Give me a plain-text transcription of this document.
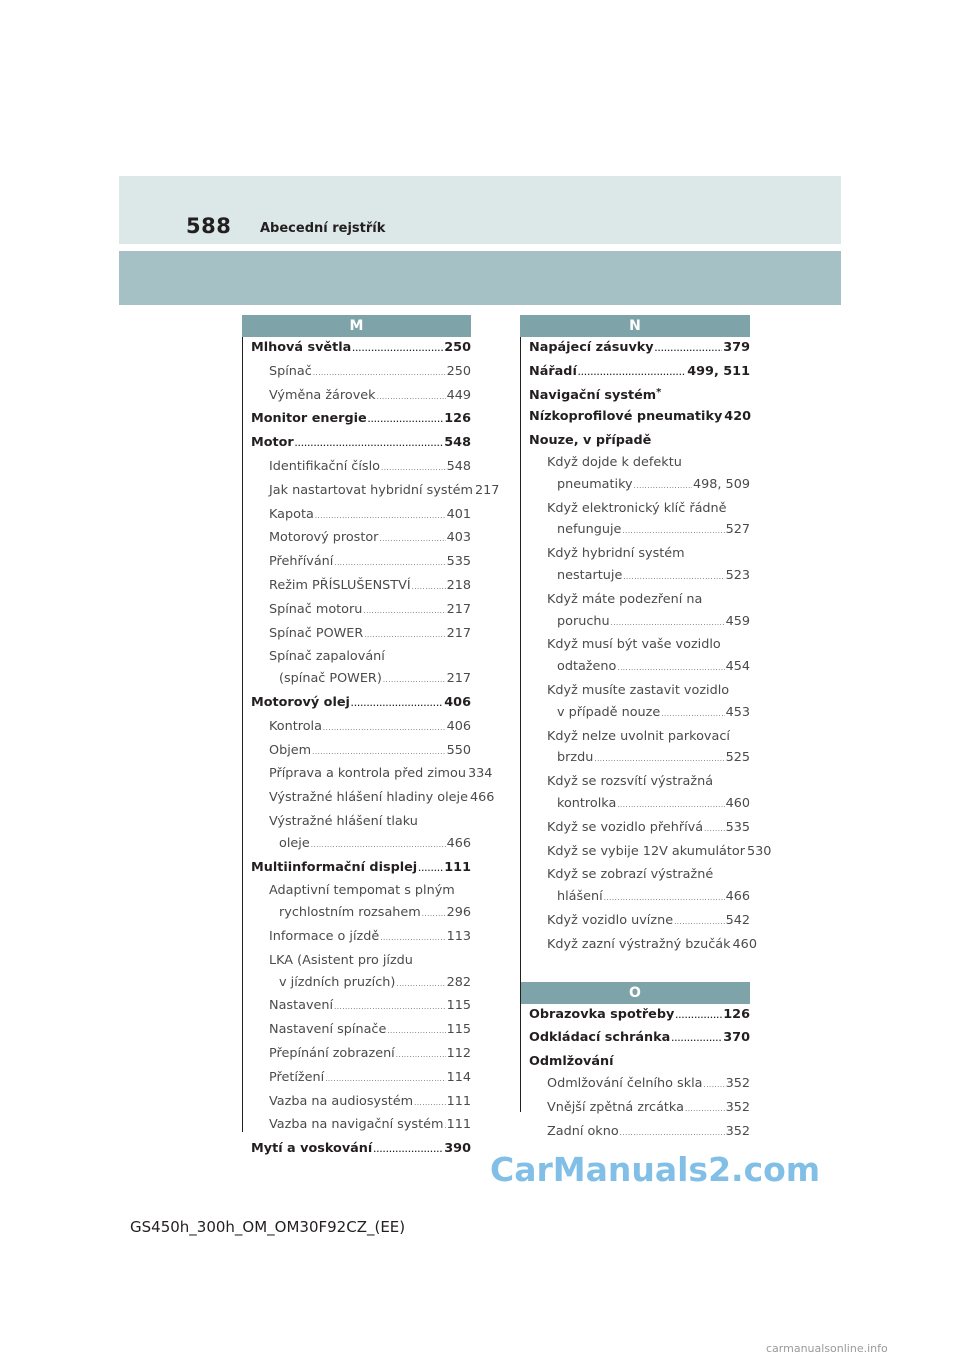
588 Abecední rejstřík
M
Mlhová světla .....	250
Spínač .....	250
Výměna žárovek .....	449
Monitor energie .....	126
Motor .....	548
Identifikační číslo .....	548
Jak nastartovat hybridní systém 217
Kapota .....	401
Motorový prostor .....	403
Přehřívání .....	535
Režim PŘÍSLUŠENSTVÍ .....	218
Spínač motoru .....	217
Spínač POWER .....	217
Spínač zapalování
(spínač POWER) .....	217
Motorový olej .....	406
Kontrola .....	406
Objem .....	550
Příprava a kontrola před zimou 334
Výstražné hlášení hladiny oleje 466
Výstražné hlášení tlaku
oleje .....	466
Multiinformační displej ..... 111
Adaptivní tempomat s plným
rychlostním rozsahem ..... 296
Informace o jízdě .....	113
LKA (Asistent pro jízdu
v jízdních pruzích) .....	282
Nastavení .....	115
Nastavení spínače .....	115
Přepínání zobrazení .....	112
Přetížení .....	114
Vazba na audiosystém .....	111
Vazba na navigační systém ..... 111
Mytí a voskování .....	390
N
Napájecí zásuvky .....	379
Nářadí .....	499, 511
Navigační systém*
Nízkoprofilové pneumatiky 420
Nouze, v případě
Když dojde k defektu
pneumatiky .....	498, 509
Když elektronický klíč řádně
nefunguje .....	527
Když hybridní systém
nestartuje .....	523
Když máte podezření na
poruchu .....	459
Když musí být vaše vozidlo
odtaženo .....	454
Když musíte zastavit vozidlo
v případě nouze .....	453
Když nelze uvolnit parkovací
brzdu .....	525
Když se rozsvítí výstražná
kontrolka .....	460
Když se vozidlo přehřívá ..... 535
Když se vybije 12V akumulátor 530
Když se zobrazí výstražné
hlášení .....	466
Když vozidlo uvízne .....	542
Když zazní výstražný bzučák 460
O
Obrazovka spotřeby .....	126
Odkládací schránka .....	370
Odmlžování
Odmlžování čelního skla ..... 352
Vnější zpětná zrcátka .....	352
Zadní okno .....	352
GS450h_300h_OM_OM30F92CZ_(EE)
CarManuals2.com
carmanualsonline.info
